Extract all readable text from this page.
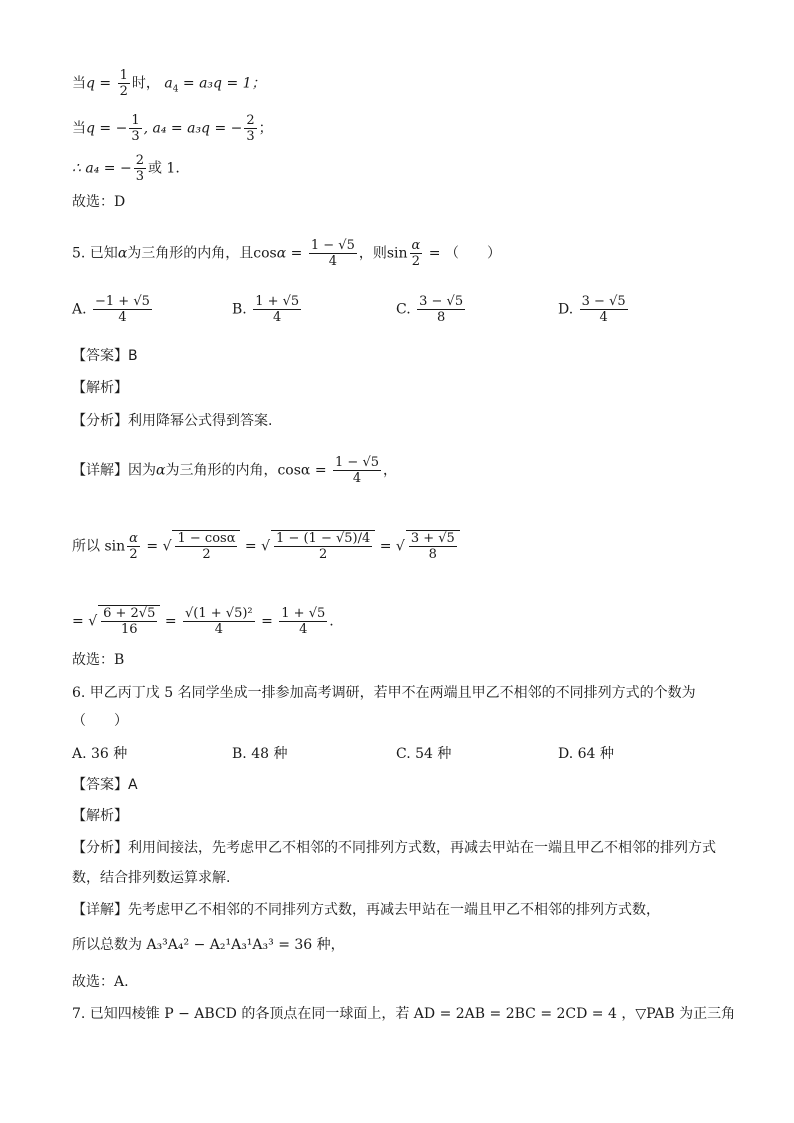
当$q = \frac{1}{2}$ 时， $a_4 = a_3q = 1$；
当q = − $\frac{1}{3}$ , a₄ = a₃q = − $\frac{2}{3}$ ；
∴ a₄ = − $\frac{2}{3}$ 或 1.
故选：D
5. 已知α为三角形的内角，且$\cos\alpha = \frac{1 - √5}{4}$ ，则$\sin \frac{\alpha}{2}$ = （　　）
A. $\frac{-1 + √5}{4}$	B. $\frac{1 + √5}{4}$	C. $\frac{3 - √5}{8}$	D. $\frac{3 - √5}{4}$
【答案】B
【解析】
【分析】利用降幂公式得到答案.
【详解】因为α为三角形的内角，$\cos\alpha = \frac{1 - √5}{4}$ ，
所以 $\sin \frac{\alpha}{2}$ = √ $\frac{1 - \cos\alpha}{2}$ = √ $\frac{1 - (1 - √5)/4}{2}$ = √ $\frac{3 + √5}{8}$
= √ $\frac{6 + 2√5}{16} = \frac{\text{√(1 + √5)²}}{4} = \frac{1 + √5}{4}$ .
故选：B
6. 甲乙丙丁戊 5 名同学坐成一排参加高考调研，若甲不在两端且甲乙不相邻的不同排列方式的个数为
（　　）
A. 36 种	B. 48 种	C. 54 种	D. 64 种
【答案】A
【解析】
【分析】利用间接法，先考虑甲乙不相邻的不同排列方式数，再减去甲站在一端且甲乙不相邻的排列方式
数，结合排列数运算求解.
【详解】先考虑甲乙不相邻的不同排列方式数，再减去甲站在一端且甲乙不相邻的排列方式数，
所以总数为 A₃³A₄² − A₂¹A₃¹A₃³ = 36 种，
故选：A.
7. 已知四棱锥 P − ABCD 的各顶点在同一球面上，若 AD = 2AB = 2BC = 2CD = 4 ，▽PAB 为正三角
